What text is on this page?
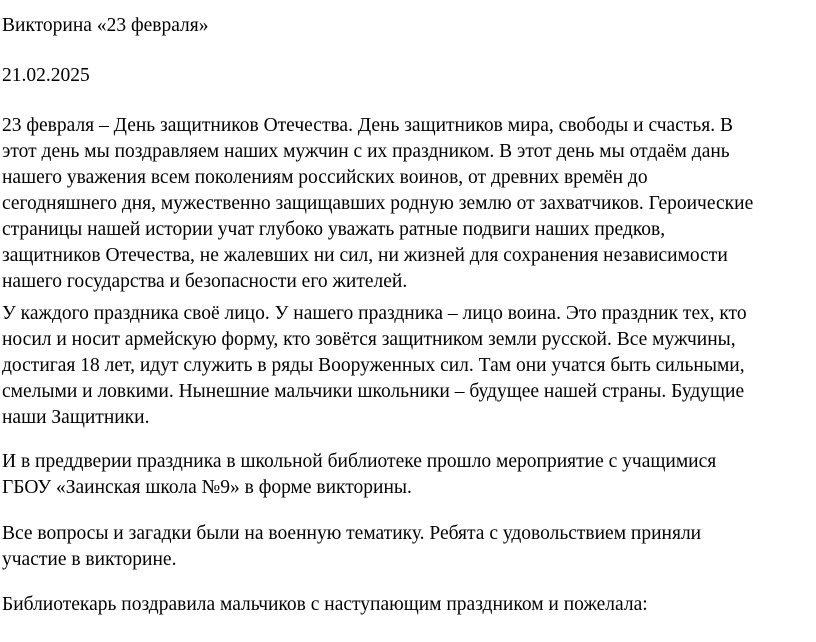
Викторина «23 февраля»

21.02.2025

23 февраля – День защитников Отечества. День защитников мира, свободы и счастья. В

этот день мы поздравляем наших мужчин с их праздником. В этот день мы отдаём дань

нашего уважения всем поколениям российских воинов, от древних времён до

сегодняшнего дня, мужественно защищавших родную землю от захватчиков. Героические

страницы нашей истории учат глубоко уважать ратные подвиги наших предков,

защитников Отечества, не жалевших ни сил, ни жизней для сохранения независимости

нашего государства и безопасности его жителей.

У каждого праздника своё лицо. У нашего праздника – лицо воина. Это праздник тех, кто

носил и носит армейскую форму, кто зовётся защитником земли русской. Все мужчины,

достигая 18 лет, идут служить в ряды Вооруженных сил. Там они учатся быть сильными,

смелыми и ловкими. Нынешние мальчики школьники – будущее нашей страны. Будущие

наши Защитники.

И в преддверии праздника в школьной библиотеке прошло мероприятие с учащимися

ГБОУ «Заинская школа №9» в форме викторины.

Все вопросы и загадки были на военную тематику. Ребята с удовольствием приняли

участие в викторине.

Библиотекарь поздравила мальчиков с наступающим праздником и пожелала:
